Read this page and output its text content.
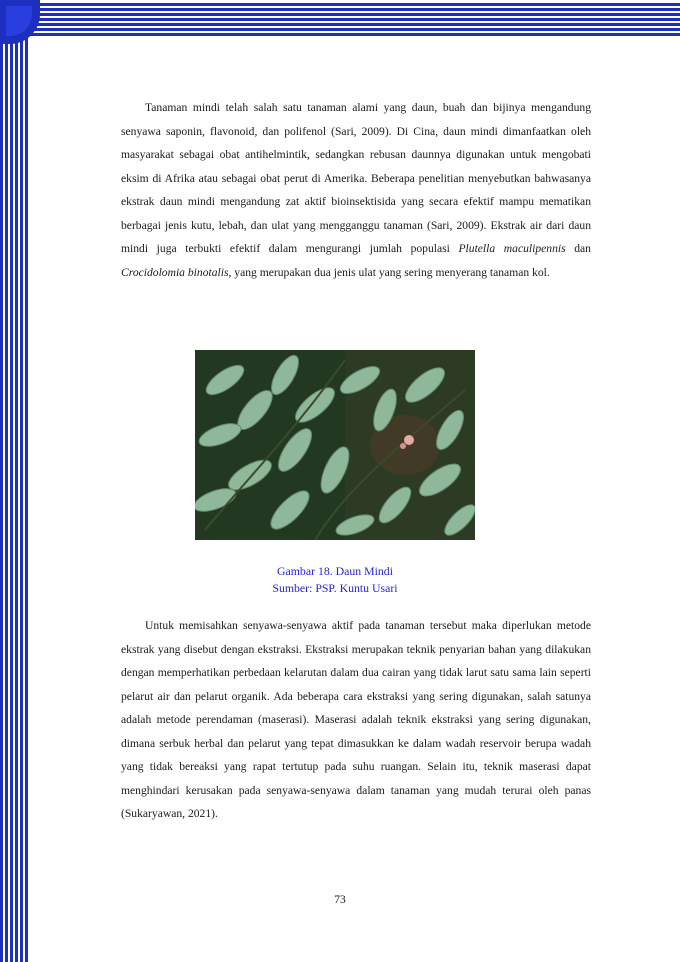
Tanaman mindi telah salah satu tanaman alami yang daun, buah dan bijinya mengandung senyawa saponin, flavonoid, dan polifenol (Sari, 2009). Di Cina, daun mindi dimanfaatkan oleh masyarakat sebagai obat antihelmintik, sedangkan rebusan daunnya digunakan untuk mengobati eksim di Afrika atau sebagai obat perut di Amerika. Beberapa penelitian menyebutkan bahwasanya ekstrak daun mindi mengandung zat aktif bioinsektisida yang secara efektif mampu mematikan berbagai jenis kutu, lebah, dan ulat yang mengganggu tanaman (Sari, 2009). Ekstrak air dari daun mindi juga terbukti efektif dalam mengurangi jumlah populasi Plutella maculipennis dan Crocidolomia binotalis, yang merupakan dua jenis ulat yang sering menyerang tanaman kol.

Gambar 18. Daun Mindi
Sumber: PSP. Kuntu Usari

Untuk memisahkan senyawa-senyawa aktif pada tanaman tersebut maka diperlukan metode ekstrak yang disebut dengan ekstraksi. Ekstraksi merupakan teknik penyarian bahan yang dilakukan dengan memperhatikan perbedaan kelarutan dalam dua cairan yang tidak larut satu sama lain seperti pelarut air dan pelarut organik. Ada beberapa cara ekstraksi yang sering digunakan, salah satunya adalah metode perendaman (maserasi). Maserasi adalah teknik ekstraksi yang sering digunakan, dimana serbuk herbal dan pelarut yang tepat dimasukkan ke dalam wadah reservoir berupa wadah yang tidak bereaksi yang rapat tertutup pada suhu ruangan. Selain itu, teknik maserasi dapat menghindari kerusakan pada senyawa-senyawa dalam tanaman yang mudah terurai oleh panas (Sukaryawan, 2021).

73
